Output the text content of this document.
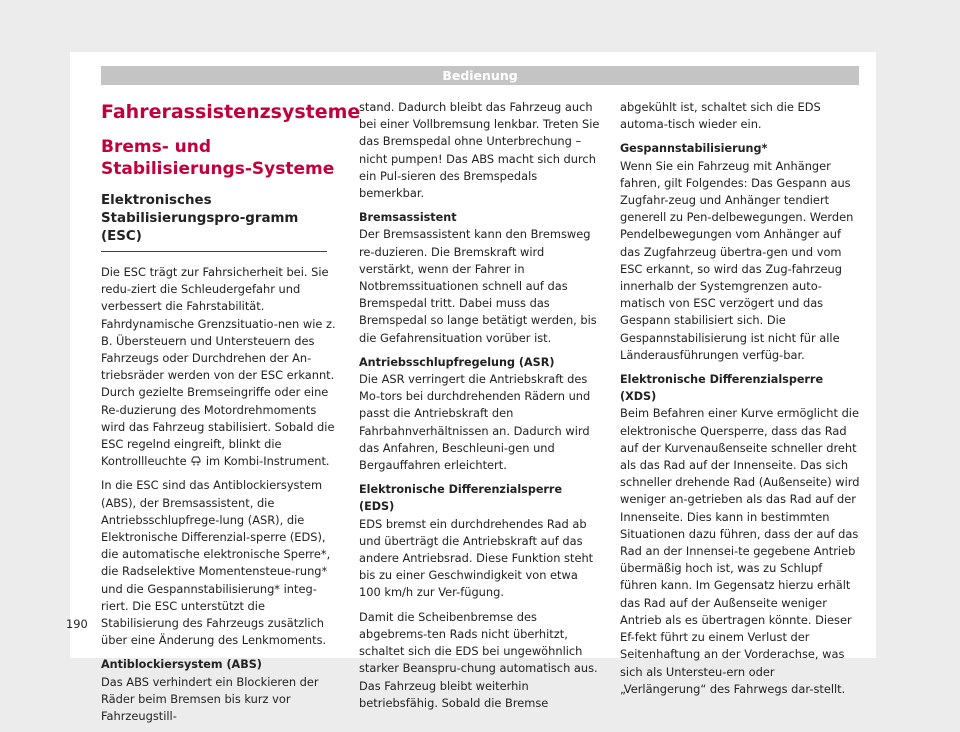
Bedienung
Fahrerassistenzsysteme
Brems- und Stabilisierungs-Systeme
Elektronisches Stabilisierungspro-gramm (ESC)

Die ESC trägt zur Fahrsicherheit bei. Sie redu-ziert die Schleudergefahr und verbessert die Fahrstabilität. Fahrdynamische Grenzsituatio-nen wie z. B. Übersteuern und Untersteuern des Fahrzeugs oder Durchdrehen der An-triebsräder werden von der ESC erkannt. Durch gezielte Bremseingriffe oder eine Re-duzierung des Motordrehmoments wird das Fahrzeug stabilisiert. Sobald die ESC regelnd eingreift, blinkt die Kontrollleuchte im Kombi-Instrument.

In die ESC sind das Antiblockiersystem (ABS), der Bremsassistent, die Antriebsschlupfrege-lung (ASR), die Elektronische Differenzial-sperre (EDS), die automatische elektronische Sperre*, die Radselektive Momentensteue-rung* und die Gespannstabilisierung* integ-riert. Die ESC unterstützt die Stabilisierung des Fahrzeugs zusätzlich über eine Änderung des Lenkmoments.

Antiblockiersystem (ABS)

Das ABS verhindert ein Blockieren der Räder beim Bremsen bis kurz vor Fahrzeugstill-

stand. Dadurch bleibt das Fahrzeug auch bei einer Vollbremsung lenkbar. Treten Sie das Bremspedal ohne Unterbrechung – nicht pumpen! Das ABS macht sich durch ein Pul-sieren des Bremspedals bemerkbar.

Bremsassistent

Der Bremsassistent kann den Bremsweg re-duzieren. Die Bremskraft wird verstärkt, wenn der Fahrer in Notbremssituationen schnell auf das Bremspedal tritt. Dabei muss das Bremspedal so lange betätigt werden, bis die Gefahrensituation vorüber ist.

Antriebsschlupfregelung (ASR)

Die ASR verringert die Antriebskraft des Mo-tors bei durchdrehenden Rädern und passt die Antriebskraft den Fahrbahnverhältnissen an. Dadurch wird das Anfahren, Beschleuni-gen und Bergauffahren erleichtert.

Elektronische Differenzialsperre (EDS)

EDS bremst ein durchdrehendes Rad ab und überträgt die Antriebskraft auf das andere Antriebsrad. Diese Funktion steht bis zu einer Geschwindigkeit von etwa 100 km/h zur Ver-fügung.

Damit die Scheibenbremse des abgebrems-ten Rads nicht überhitzt, schaltet sich die EDS bei ungewöhnlich starker Beanspru-chung automatisch aus. Das Fahrzeug bleibt weiterhin betriebsfähig. Sobald die Bremse

abgekühlt ist, schaltet sich die EDS automa-tisch wieder ein.

Gespannstabilisierung*

Wenn Sie ein Fahrzeug mit Anhänger fahren, gilt Folgendes: Das Gespann aus Zugfahr-zeug und Anhänger tendiert generell zu Pen-delbewegungen. Werden Pendelbewegungen vom Anhänger auf das Zugfahrzeug übertra-gen und vom ESC erkannt, so wird das Zug-fahrzeug innerhalb der Systemgrenzen auto-matisch von ESC verzögert und das Gespann stabilisiert sich. Die Gespannstabilisierung ist nicht für alle Länderausführungen verfüg-bar.

Elektronische Differenzialsperre (XDS)

Beim Befahren einer Kurve ermöglicht die elektronische Quersperre, dass das Rad auf der Kurvenaußenseite schneller dreht als das Rad auf der Innenseite. Das sich schneller drehende Rad (Außenseite) wird weniger an-getrieben als das Rad auf der Innenseite. Dies kann in bestimmten Situationen dazu führen, dass der auf das Rad an der Innensei-te gegebene Antrieb übermäßig hoch ist, was zu Schlupf führen kann. Im Gegensatz hierzu erhält das Rad auf der Außenseite weniger Antrieb als es übertragen könnte. Dieser Ef-fekt führt zu einem Verlust der Seitenhaftung an der Vorderachse, was sich als Untersteu-ern oder „Verlängerung“ des Fahrwegs dar-stellt.

190
